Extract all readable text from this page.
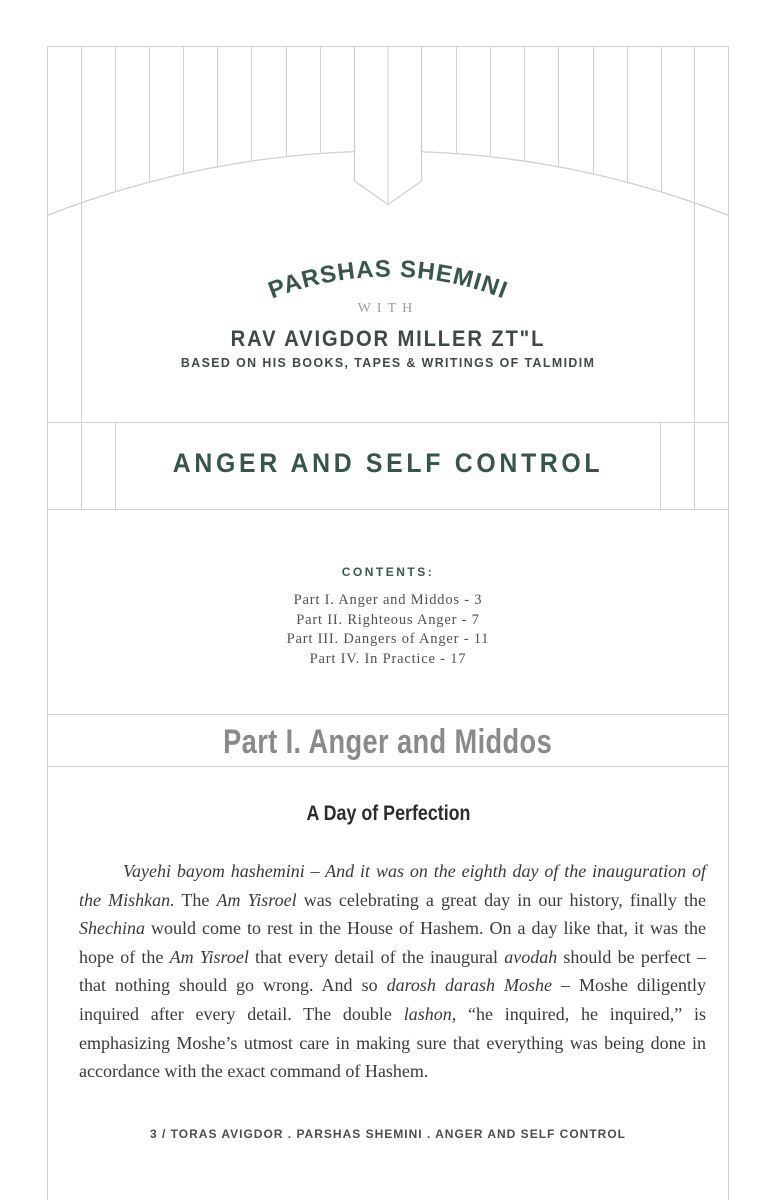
PARSHAS SHEMINI
WITH
RAV AVIGDOR MILLER ZT"L
BASED ON HIS BOOKS, TAPES & WRITINGS OF TALMIDIM
ANGER AND SELF CONTROL
CONTENTS:
Part I. Anger and Middos - 3
Part II. Righteous Anger - 7
Part III. Dangers of Anger - 11
Part IV. In Practice - 17
Part I. Anger and Middos
A Day of Perfection
Vayehi bayom hashemini – And it was on the eighth day of the inauguration of the Mishkan. The Am Yisroel was celebrating a great day in our history, finally the Shechina would come to rest in the House of Hashem. On a day like that, it was the hope of the Am Yisroel that every detail of the inaugural avodah should be perfect – that nothing should go wrong. And so darosh darash Moshe – Moshe diligently inquired after every detail. The double lashon, “he inquired, he inquired,” is emphasizing Moshe’s utmost care in making sure that everything was being done in accordance with the exact command of Hashem.
3 / TORAS AVIGDOR . PARSHAS SHEMINI . ANGER AND SELF CONTROL
